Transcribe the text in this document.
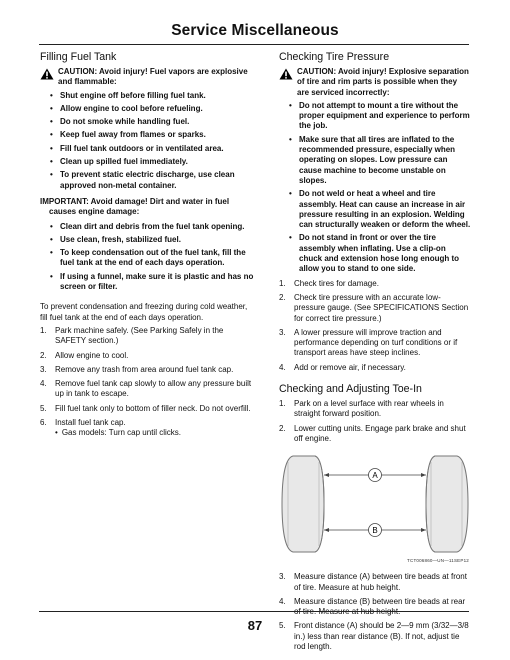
Service Miscellaneous
Filling Fuel Tank
CAUTION: Avoid injury! Fuel vapors are explosive and flammable:
• Shut engine off before filling fuel tank.
• Allow engine to cool before refueling.
• Do not smoke while handling fuel.
• Keep fuel away from flames or sparks.
• Fill fuel tank outdoors or in ventilated area.
• Clean up spilled fuel immediately.
• To prevent static electric discharge, use clean approved non-metal container.
IMPORTANT: Avoid damage! Dirt and water in fuel causes engine damage:
• Clean dirt and debris from the fuel tank opening.
• Use clean, fresh, stabilized fuel.
• To keep condensation out of the fuel tank, fill the fuel tank at the end of each days operation.
• If using a funnel, make sure it is plastic and has no screen or filter.

To prevent condensation and freezing during cold weather, fill fuel tank at the end of each days operation.

1. Park machine safely. (See Parking Safely in the SAFETY section.)
2. Allow engine to cool.
3. Remove any trash from area around fuel tank cap.
4. Remove fuel tank cap slowly to allow any pressure built up in tank to escape.
5. Fill fuel tank only to bottom of filler neck. Do not overfill.
6. Install fuel tank cap.
• Gas models: Turn cap until clicks.
Checking Tire Pressure
CAUTION: Avoid injury! Explosive separation of tire and rim parts is possible when they are serviced incorrectly:
• Do not attempt to mount a tire without the proper equipment and experience to perform the job.
• Make sure that all tires are inflated to the recommended pressure, especially when operating on slopes. Low pressure can cause machine to become unstable on slopes.
• Do not weld or heat a wheel and tire assembly. Heat can cause an increase in air pressure resulting in an explosion. Welding can structurally weaken or deform the wheel.
• Do not stand in front or over the tire assembly when inflating. Use a clip-on chuck and extension hose long enough to allow you to stand to one side.
1. Check tires for damage.
2. Check tire pressure with an accurate low-pressure gauge. (See SPECIFICATIONS Section for correct tire pressure.)
3. A lower pressure will improve traction and performance depending on turf conditions or if transport areas have steep inclines.
4. Add or remove air, if necessary.
Checking and Adjusting Toe-In
1. Park on a level surface with rear wheels in straight forward position.
2. Lower cutting units. Engage park brake and shut off engine.
A
B
TCT006860—UN—11SEP12
3. Measure distance (A) between tire beads at front of tire. Measure at hub height.
4. Measure distance (B) between tire beads at rear of tire. Measure at hub height.
5. Front distance (A) should be 2—9 mm (3/32—3/8 in.) less than rear distance (B). If not, adjust tie rod length.
87
